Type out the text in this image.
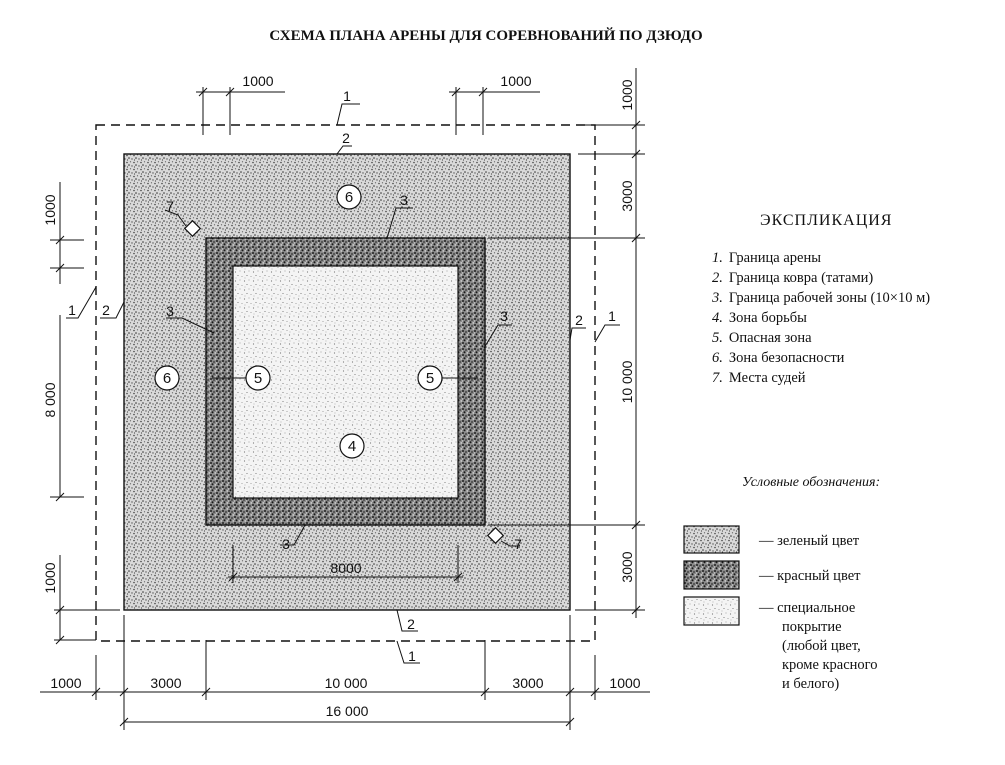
СХЕМА ПЛАНА АРЕНЫ ДЛЯ СОРЕВНОВАНИЙ ПО ДЗЮДО
1000	1000	1000
3000
10 000
3000
1000
8 000
1000	8000
1000	3000	10 000	3000	1000
16 000
1
2
3
7
1 2	3	3	2 1
3	7
2
1
6
6	5	5
4
ЭКСПЛИКАЦИЯ
1. Граница арены
2. Граница ковра (татами)
3. Граница рабочей зоны (10×10 м)
4. Зона борьбы
5. Опасная зона
6. Зона безопасности
7. Места судей
Условные обозначения:
— зеленый цвет
— красный цвет
— специальное покрытие (любой цвет, кроме красного и белого)
